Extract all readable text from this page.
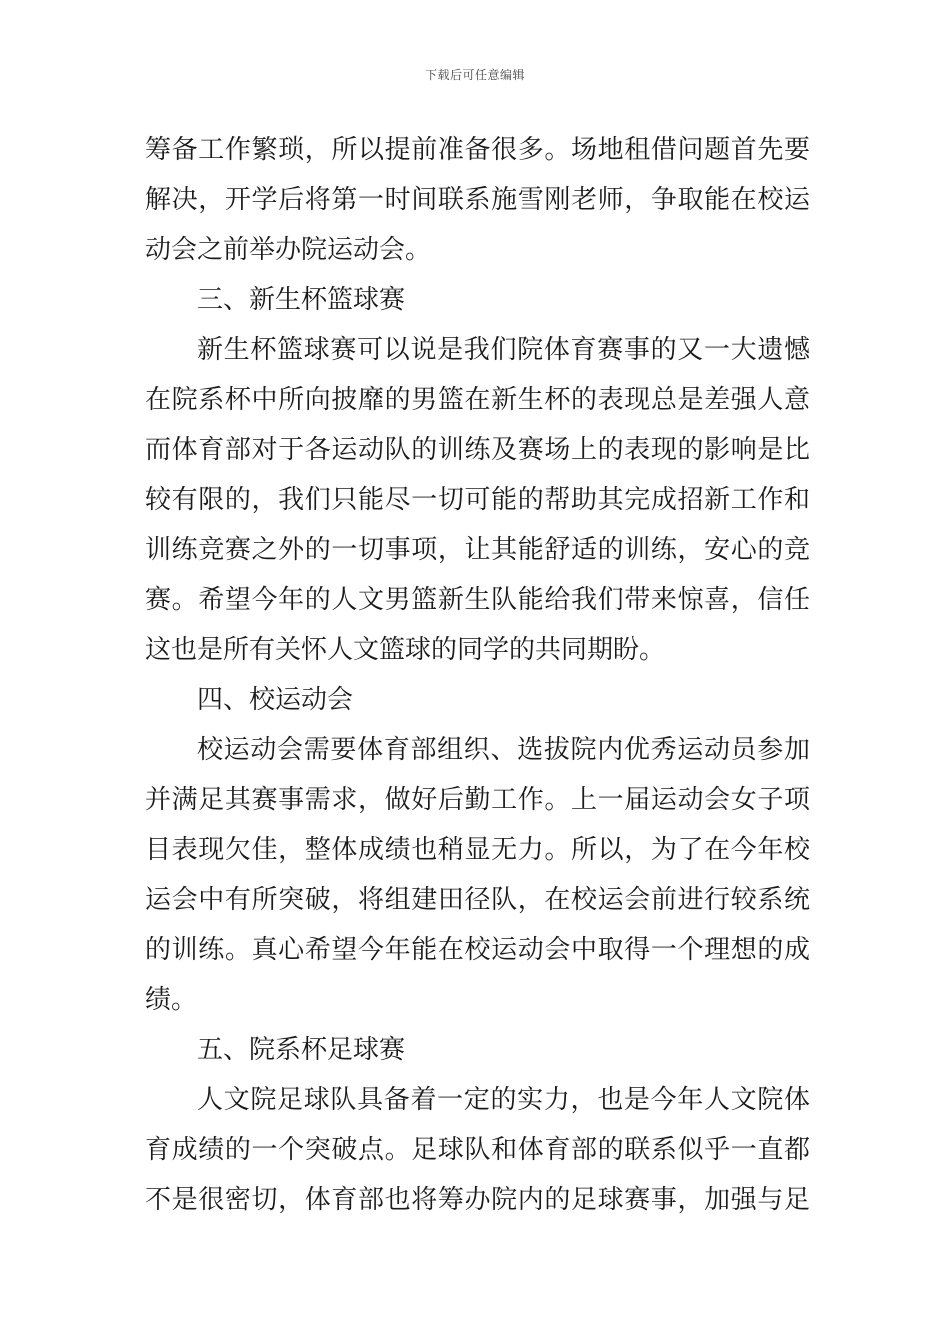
下载后可任意编辑
筹备工作繁琐，所以提前准备很多。场地租借问题首先要
解决，开学后将第一时间联系施雪刚老师，争取能在校运
动会之前举办院运动会。
三、新生杯篮球赛
新生杯篮球赛可以说是我们院体育赛事的又一大遗憾
在院系杯中所向披靡的男篮在新生杯的表现总是差强人意
而体育部对于各运动队的训练及赛场上的表现的影响是比
较有限的，我们只能尽一切可能的帮助其完成招新工作和
训练竞赛之外的一切事项，让其能舒适的训练，安心的竞
赛。希望今年的人文男篮新生队能给我们带来惊喜，信任
这也是所有关怀人文篮球的同学的共同期盼。
四、校运动会
校运动会需要体育部组织、选拔院内优秀运动员参加
并满足其赛事需求，做好后勤工作。上一届运动会女子项
目表现欠佳，整体成绩也稍显无力。所以，为了在今年校
运会中有所突破，将组建田径队，在校运会前进行较系统
的训练。真心希望今年能在校运动会中取得一个理想的成
绩。
五、院系杯足球赛
人文院足球队具备着一定的实力，也是今年人文院体
育成绩的一个突破点。足球队和体育部的联系似乎一直都
不是很密切，体育部也将筹办院内的足球赛事，加强与足
